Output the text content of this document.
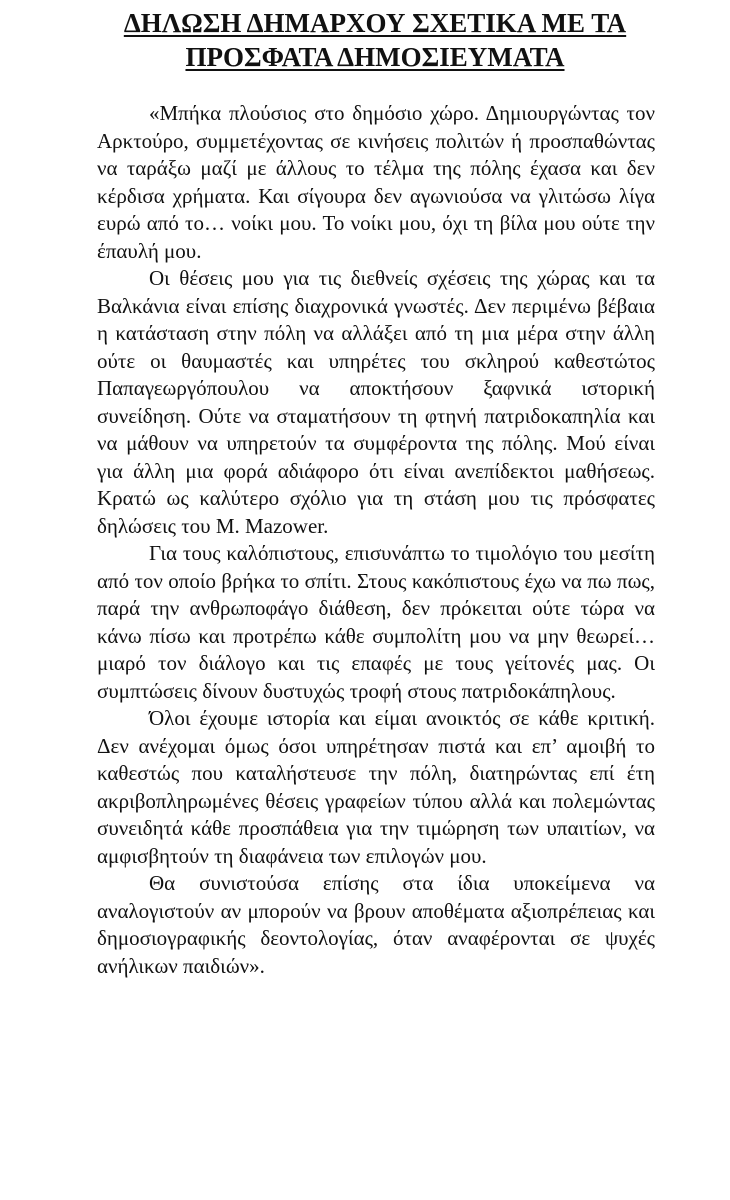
ΔΗΛΩΣΗ ΔΗΜΑΡΧΟΥ ΣΧΕΤΙΚΑ ΜΕ ΤΑ
ΠΡΟΣΦΑΤΑ ΔΗΜΟΣΙΕΥΜΑΤΑ

«Μπήκα πλούσιος στο δημόσιο χώρο. Δημιουργώντας τον Αρκτούρο, συμμετέχοντας σε κινήσεις πολιτών ή προσπαθώντας να ταράξω μαζί με άλλους το τέλμα της πόλης έχασα και δεν κέρδισα χρήματα. Και σίγουρα δεν αγωνιούσα να γλιτώσω λίγα ευρώ από το… νοίκι μου. Το νοίκι μου, όχι τη βίλα μου ούτε την έπαυλή μου.

Οι θέσεις μου για τις διεθνείς σχέσεις της χώρας και τα Βαλκάνια είναι επίσης διαχρονικά γνωστές. Δεν περιμένω βέβαια η κατάσταση στην πόλη να αλλάξει από τη μια μέρα στην άλλη ούτε οι θαυμαστές και υπηρέτες του σκληρού καθεστώτος Παπαγεωργόπουλου να αποκτήσουν ξαφνικά ιστορική συνείδηση. Ούτε να σταματήσουν τη φτηνή πατριδοκαπηλία και να μάθουν να υπηρετούν τα συμφέροντα της πόλης. Μού είναι για άλλη μια φορά αδιάφορο ότι είναι ανεπίδεκτοι μαθήσεως. Κρατώ ως καλύτερο σχόλιο για τη στάση μου τις πρόσφατες δηλώσεις του Μ. Mazower.

Για τους καλόπιστους, επισυνάπτω το τιμολόγιο του μεσίτη από τον οποίο βρήκα το σπίτι. Στους κακόπιστους έχω να πω πως, παρά την ανθρωποφάγο διάθεση, δεν πρόκειται ούτε τώρα να κάνω πίσω και προτρέπω κάθε συμπολίτη μου να μην θεωρεί… μιαρό τον διάλογο και τις επαφές με τους γείτονές μας. Οι συμπτώσεις δίνουν δυστυχώς τροφή στους πατριδοκάπηλους.

Όλοι έχουμε ιστορία και είμαι ανοικτός σε κάθε κριτική. Δεν ανέχομαι όμως όσοι υπηρέτησαν πιστά και επ’ αμοιβή το καθεστώς που καταλήστευσε την πόλη, διατηρώντας επί έτη ακριβοπληρωμένες θέσεις γραφείων τύπου αλλά και πολεμώντας συνειδητά κάθε προσπάθεια για την τιμώρηση των υπαιτίων, να αμφισβητούν τη διαφάνεια των επιλογών μου.

Θα συνιστούσα επίσης στα ίδια υποκείμενα να αναλογιστούν αν μπορούν να βρουν αποθέματα αξιοπρέπειας και δημοσιογραφικής δεοντολογίας, όταν αναφέρονται σε ψυχές ανήλικων παιδιών».
